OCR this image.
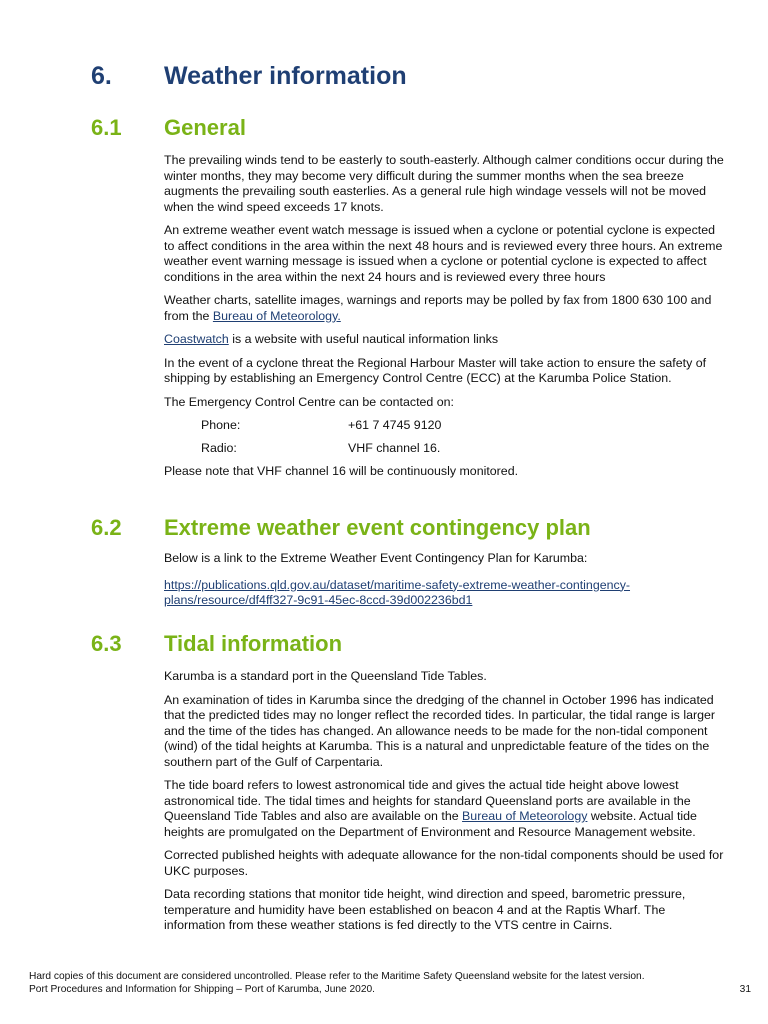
6. Weather information
6.1 General

The prevailing winds tend to be easterly to south-easterly. Although calmer conditions occur during the winter months, they may become very difficult during the summer months when the sea breeze augments the prevailing south easterlies. As a general rule high windage vessels will not be moved when the wind speed exceeds 17 knots.

An extreme weather event watch message is issued when a cyclone or potential cyclone is expected to affect conditions in the area within the next 48 hours and is reviewed every three hours. An extreme weather event warning message is issued when a cyclone or potential cyclone is expected to affect conditions in the area within the next 24 hours and is reviewed every three hours

Weather charts, satellite images, warnings and reports may be polled by fax from 1800 630 100 and from the Bureau of Meteorology.

Coastwatch is a website with useful nautical information links

In the event of a cyclone threat the Regional Harbour Master will take action to ensure the safety of shipping by establishing an Emergency Control Centre (ECC) at the Karumba Police Station.

The Emergency Control Centre can be contacted on:

Phone:	+61 7 4745 9120
Radio:	VHF channel 16.

Please note that VHF channel 16 will be continuously monitored.

6.2 Extreme weather event contingency plan

Below is a link to the Extreme Weather Event Contingency Plan for Karumba:

https://publications.qld.gov.au/dataset/maritime-safety-extreme-weather-contingency-
plans/resource/df4ff327-9c91-45ec-8ccd-39d002236bd1

6.3 Tidal information

Karumba is a standard port in the Queensland Tide Tables.

An examination of tides in Karumba since the dredging of the channel in October 1996 has indicated that the predicted tides may no longer reflect the recorded tides. In particular, the tidal range is larger and the time of the tides has changed. An allowance needs to be made for the non-tidal component (wind) of the tidal heights at Karumba. This is a natural and unpredictable feature of the tides on the southern part of the Gulf of Carpentaria.

The tide board refers to lowest astronomical tide and gives the actual tide height above lowest astronomical tide. The tidal times and heights for standard Queensland ports are available in the Queensland Tide Tables and also are available on the Bureau of Meteorology website. Actual tide heights are promulgated on the Department of Environment and Resource Management website.

Corrected published heights with adequate allowance for the non-tidal components should be used for UKC purposes.

Data recording stations that monitor tide height, wind direction and speed, barometric pressure, temperature and humidity have been established on beacon 4 and at the Raptis Wharf. The information from these weather stations is fed directly to the VTS centre in Cairns.

Hard copies of this document are considered uncontrolled. Please refer to the Maritime Safety Queensland website for the latest version.
Port Procedures and Information for Shipping – Port of Karumba, June 2020.	31
